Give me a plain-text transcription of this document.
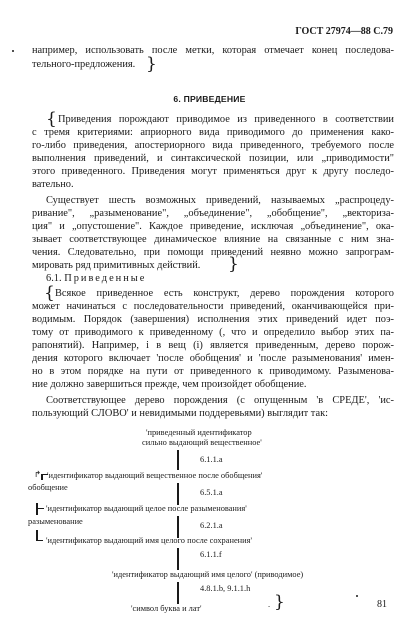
ГОСТ 27974—88 С.79
например, использовать после метки, которая отмечает конец последова-
тельного-предложения. }
6. ПРИВЕДЕНИЕ
{ Приведения порождают приводимое из приведенного в соответствии
с тремя критериями: априорного вида приводимого до применения како-
го-либо приведения, апостериорного вида приведенного, требуемого после
выполнения приведений, и синтаксической позиции, или „приводимости"
этого приведенного. Приведения могут применяться друг к другу последо-
вательно.
Существует шесть возможных приведений, называемых „распроцеду-
ривание", „разыменование", „объединение", „обобщение", „векториза-
ция" и „опустошение". Каждое приведение, исключая „объединение", ока-
зывает соответствующее динамическое влияние на связанные с ним зна-
чения. Следовательно, при помощи приведений неявно можно запрограм-
мировать ряд примитивных действий. }
6.1. Приведенные
{ Всякое приведенное есть конструкт, дерево порождения которого
может начинаться с последовательности приведений, оканчивающейся при-
водимым. Порядок (завершения) исполнения этих приведений идет поэ-
тому от приводимого к приведенному (, что и определило выбор этих па-
рапонятий). Например, i в вещ (i) является приведенным, дерево порож-
дения которого включает 'после обобщения' и 'после разыменования' имен-
но в этом порядке на пути от приведенного к приводимому. Разыменова-
ние должно завершиться прежде, чем произойдет обобщение.
Соответствующее дерево порождения (с опущенным 'в СРЕДЕ', 'ис-
пользующий СЛОВО' и невидимыми поддеревьями) выглядит так:
'приведенный идентификатор
сильно выдающий вещественное'
6.1.1.a
↱ 'идентификатор выдающий вещественное после обобщения'
обобщение
6.5.1.a
'идентификатор выдающий целое после разыменования'
разыменование	6.2.1.a
'идентификатор выдающий имя целого после сохранения'
6.1.1.f
'идентификатор выдающий имя целого' (приводимое)
4.8.1.b, 9.1.1.h
'символ буква и лат'	. }	81
